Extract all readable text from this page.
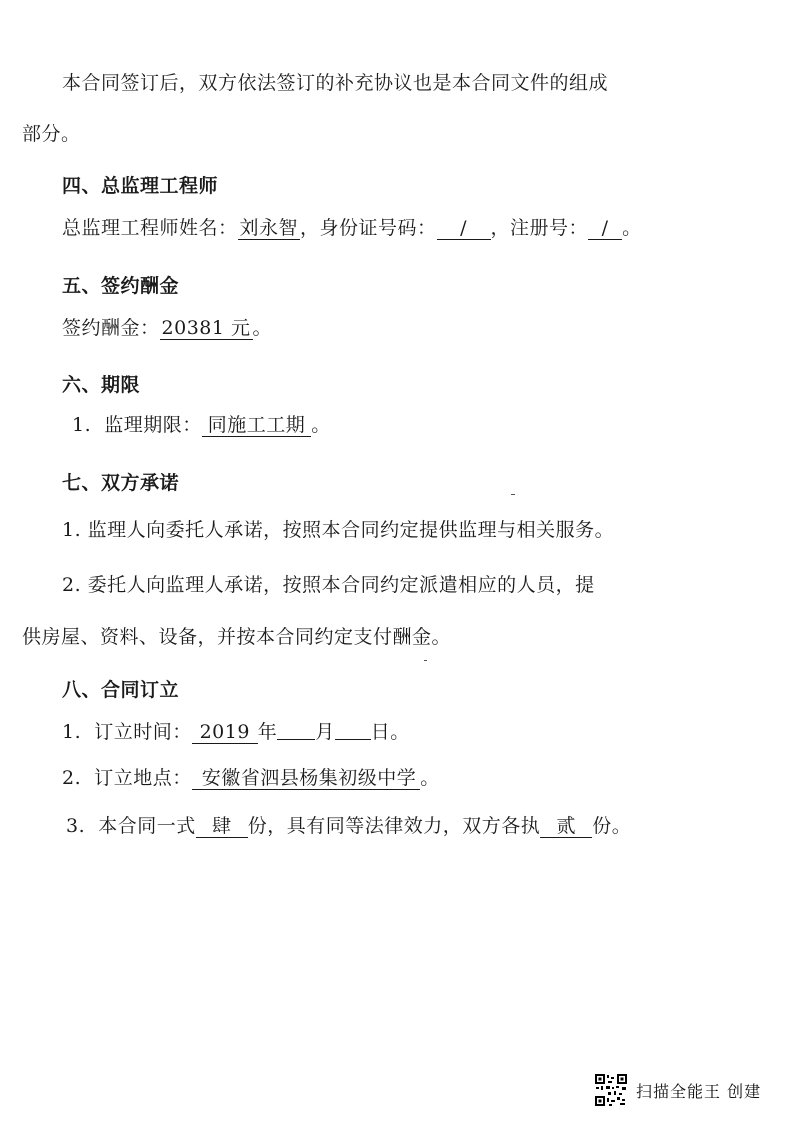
本合同签订后，双方依法签订的补充协议也是本合同文件的组成
部分。
四、总监理工程师
总监理工程师姓名： 刘永智 ，身份证号码： / ，注册号： / 。
五、签约酬金
签约酬金： 20381 元 。
六、期限
1. 监理期限： 同施工工期 。
七、双方承诺
1. 监理人向委托人承诺，按照本合同约定提供监理与相关服务。
2. 委托人向监理人承诺，按照本合同约定派遣相应的人员，提
供房屋、资料、设备，并按本合同约定支付酬金。
八、合同订立
1. 订立时间： 2019 年 月 日。
2. 订立地点： 安徽省泗县杨集初级中学 。
3. 本合同一式 肆 份，具有同等法律效力，双方各执 贰 份。
扫描全能王 创建
